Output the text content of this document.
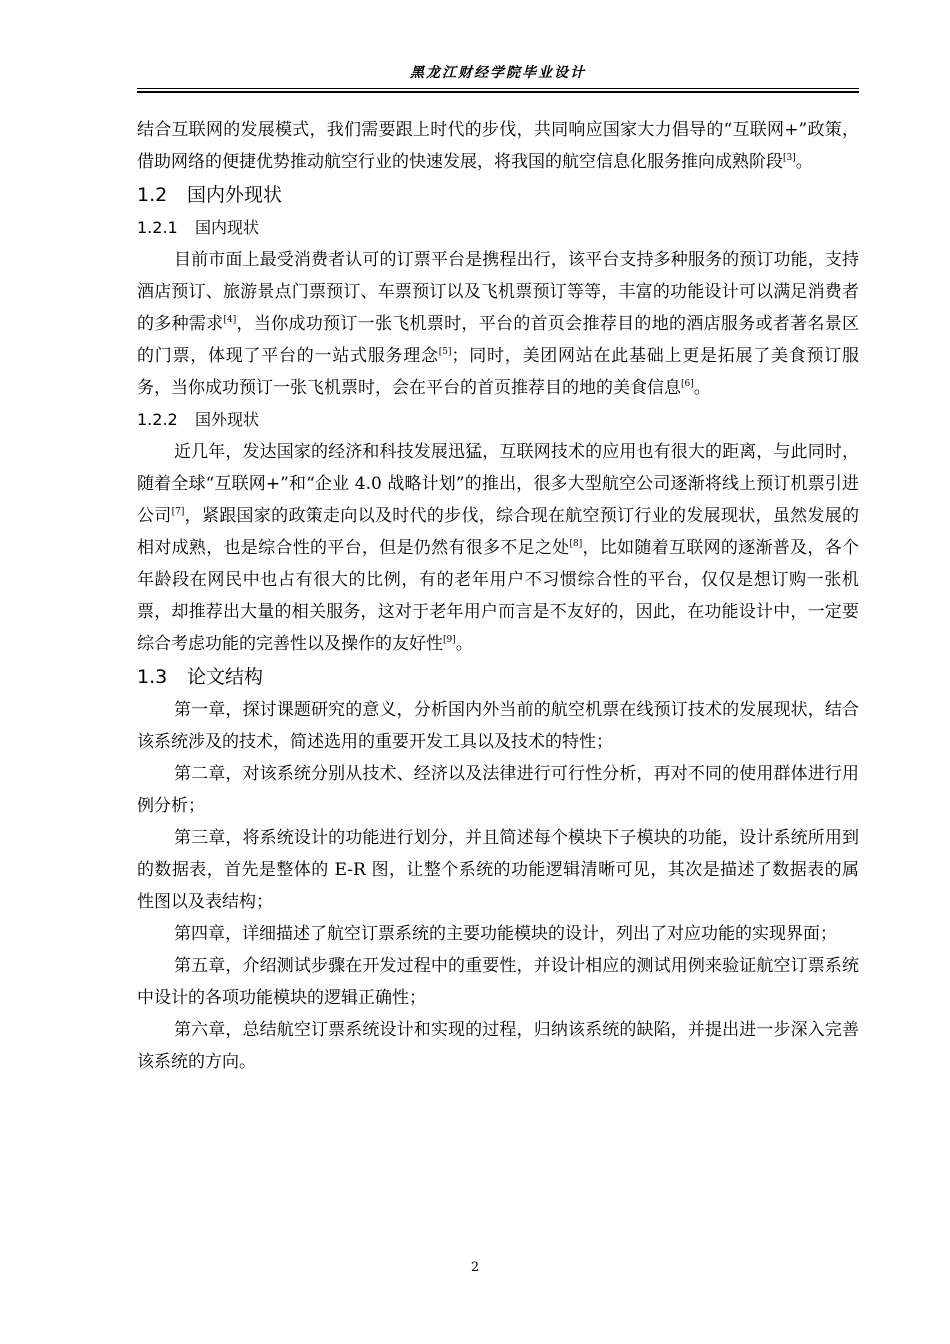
黑龙江财经学院毕业设计

结合互联网的发展模式，我们需要跟上时代的步伐，共同响应国家大力倡导的“互联网+”政策，借助网络的便捷优势推动航空行业的快速发展，将我国的航空信息化服务推向成熟阶段[3]。

1.2 国内外现状
1.2.1 国内现状

目前市面上最受消费者认可的订票平台是携程出行，该平台支持多种服务的预订功能，支持酒店预订、旅游景点门票预订、车票预订以及飞机票预订等等，丰富的功能设计可以满足消费者的多种需求[4]，当你成功预订一张飞机票时，平台的首页会推荐目的地的酒店服务或者著名景区的门票，体现了平台的一站式服务理念[5]；同时，美团网站在此基础上更是拓展了美食预订服务，当你成功预订一张飞机票时，会在平台的首页推荐目的地的美食信息[6]。

1.2.2 国外现状

近几年，发达国家的经济和科技发展迅猛，互联网技术的应用也有很大的距离，与此同时，随着全球“互联网+”和“企业 4.0 战略计划”的推出，很多大型航空公司逐渐将线上预订机票引进公司[7]，紧跟国家的政策走向以及时代的步伐，综合现在航空预订行业的发展现状，虽然发展的相对成熟，也是综合性的平台，但是仍然有很多不足之处[8]，比如随着互联网的逐渐普及，各个年龄段在网民中也占有很大的比例，有的老年用户不习惯综合性的平台，仅仅是想订购一张机票，却推荐出大量的相关服务，这对于老年用户而言是不友好的，因此，在功能设计中，一定要综合考虑功能的完善性以及操作的友好性[9]。

1.3 论文结构

第一章，探讨课题研究的意义，分析国内外当前的航空机票在线预订技术的发展现状，结合该系统涉及的技术，简述选用的重要开发工具以及技术的特性；

第二章，对该系统分别从技术、经济以及法律进行可行性分析，再对不同的使用群体进行用例分析；

第三章，将系统设计的功能进行划分，并且简述每个模块下子模块的功能，设计系统所用到的数据表，首先是整体的 E-R 图，让整个系统的功能逻辑清晰可见，其次是描述了数据表的属性图以及表结构；

第四章，详细描述了航空订票系统的主要功能模块的设计，列出了对应功能的实现界面；

第五章，介绍测试步骤在开发过程中的重要性，并设计相应的测试用例来验证航空订票系统中设计的各项功能模块的逻辑正确性；

第六章，总结航空订票系统设计和实现的过程，归纳该系统的缺陷，并提出进一步深入完善该系统的方向。

2
